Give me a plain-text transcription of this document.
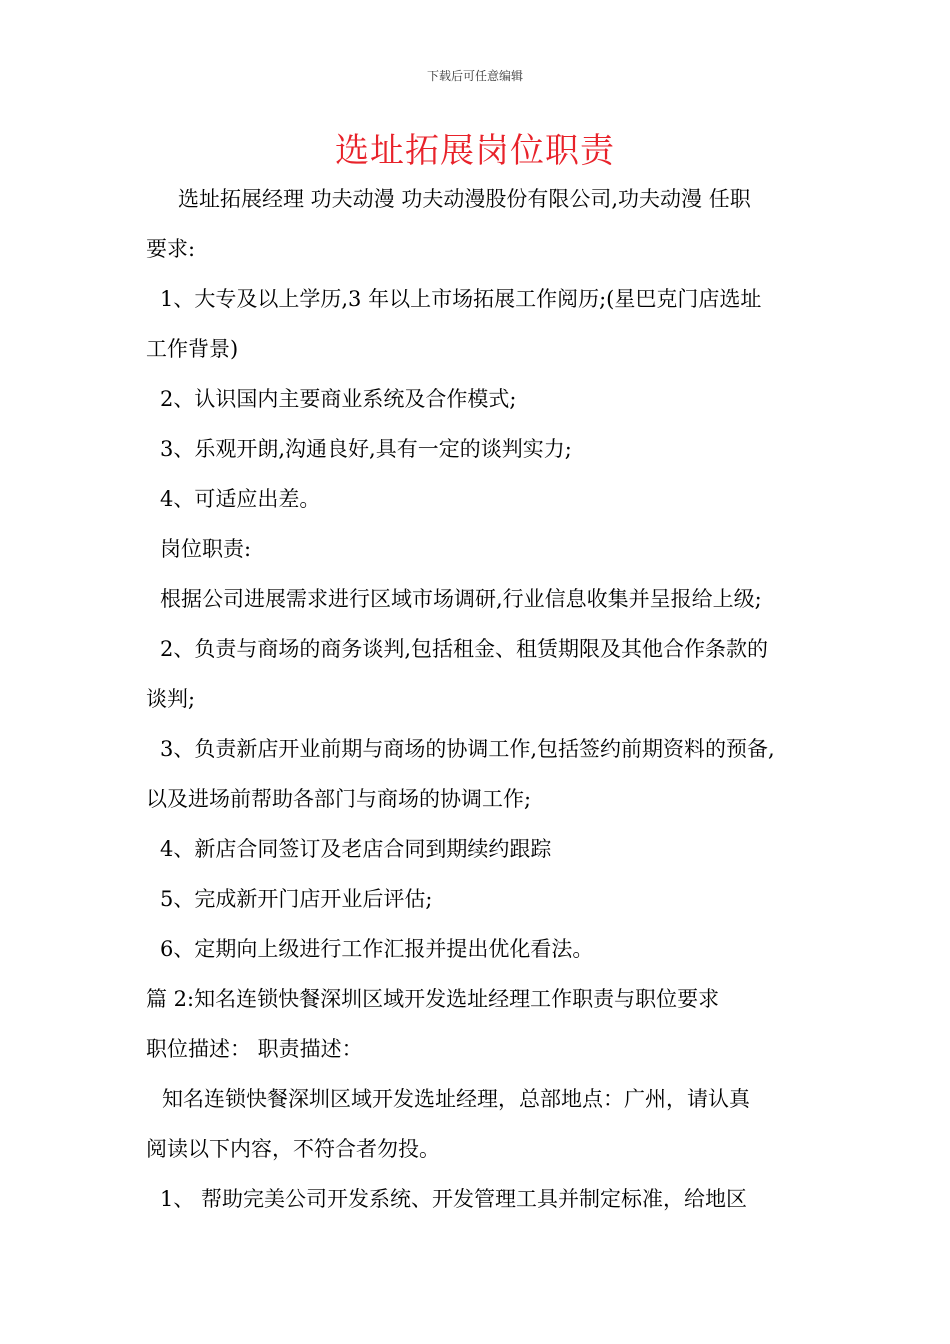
下载后可任意编辑
选址拓展岗位职责
选址拓展经理 功夫动漫 功夫动漫股份有限公司,功夫动漫 任职
要求:
1、大专及以上学历,3 年以上市场拓展工作阅历;(星巴克门店选址
工作背景)
2、认识国内主要商业系统及合作模式;
3、乐观开朗,沟通良好,具有一定的谈判实力;
4、可适应出差。
岗位职责:
根据公司进展需求进行区域市场调研,行业信息收集并呈报给上级;
2、负责与商场的商务谈判,包括租金、租赁期限及其他合作条款的
谈判;
3、负责新店开业前期与商场的协调工作,包括签约前期资料的预备,
以及进场前帮助各部门与商场的协调工作;
4、新店合同签订及老店合同到期续约跟踪
5、完成新开门店开业后评估;
6、定期向上级进行工作汇报并提出优化看法。
篇 2:知名连锁快餐深圳区域开发选址经理工作职责与职位要求
职位描述： 职责描述：
知名连锁快餐深圳区域开发选址经理，总部地点：广州，请认真
阅读以下内容，不符合者勿投。
1、 帮助完美公司开发系统、开发管理工具并制定标准，给地区
